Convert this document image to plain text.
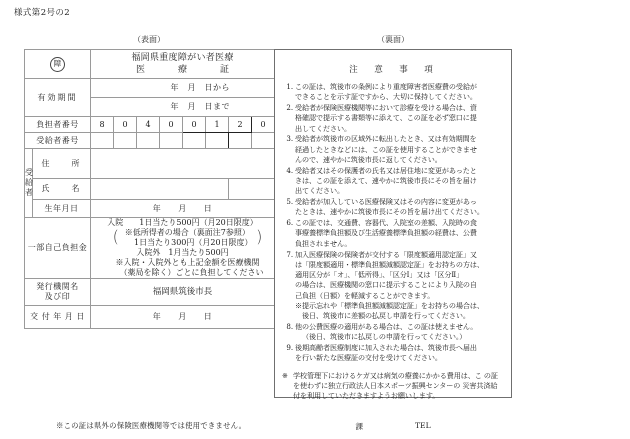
様式第2号の2
（表面）
障		福岡県重度障がい者医療
医　　療　　証							

有効期間		年　月　日から							
		年　月　日まで							
負担者番号		8	0	4	0	0	1	2	0
受給者番号									
受
給
者	住　　所								
	氏　　名								
	生年月日	年　　月　　日							
一部自己負担金	
入院　　1日当たり500円（月20日限度）
（ ※低所得者の場合（裏面注7参照）
1日当たり300円（月20日限度） ）
入院外　1月当たり500円
※入院・入院外とも上記金額を医療機関
（薬局を除く）ごとに負担してください

発行機関名
及び印		福岡県筑後市長							
交 付 年 月 日		年　　月　　日							
※この証は県外の保険医療機関等では使用できません。
（裏面）
注　意　事　項
1. この証は、筑後市の条例により重度障害者医療費の受給が
できることを示す証ですから、大切に保持してください。
2. 受給者が保険医療機関等において診療を受ける場合は、資
格確認で提示する書類等に添えて、この証を必ず窓口に提
出してください。
3. 受給者が筑後市の区域外に転出したとき、又は有効期間を
経過したときなどには、この証を使用することができませ
んので、速やかに筑後市長に返してください。
4. 受給者又はその保護者の氏名又は居住地に変更があったと
きは、この証を添えて、速やかに筑後市長にその旨を届け
出てください。
5. 受給者が加入している医療保険又はその内容に変更があっ
たときは、速やかに筑後市長にその旨を届け出てください。
6. この証では、交通費、容器代、入院室の差額、入院時の食
事療養標準負担額及び生活療養標準負担額の経費は、公費
負担されません。
7. 加入医療保険の保険者が交付する「限度額適用認定証」又
は「限度額適用・標準負担額減額認定証」をお持ちの方は、
適用区分が「オ」、「低所得」、「区分Ⅰ」又は「区分Ⅱ」
の場合は、医療機関の窓口に提示することにより入院の自
己負担（日額）を軽減することができます。
※提示忘れや「標準負担額減額認定証」をお持ちの場合は、
後日、筑後市に差額の払戻し申請を行ってください。
8. 他の公費医療の適用がある場合は、この証は使えません。
（後日、筑後市に払戻しの申請を行ってください。）
9. 後期高齢者医療制度に加入された場合は、筑後市長へ届出
を行い新たな医療証の交付を受けてください。
※ 学校管理下におけるケガ又は病気の療養にかかる費用は、こ の証を使わずに独立行政法人日本スポーツ振興センターの 災害共済給付を利用していただきますようお願いします。
課	TEL
